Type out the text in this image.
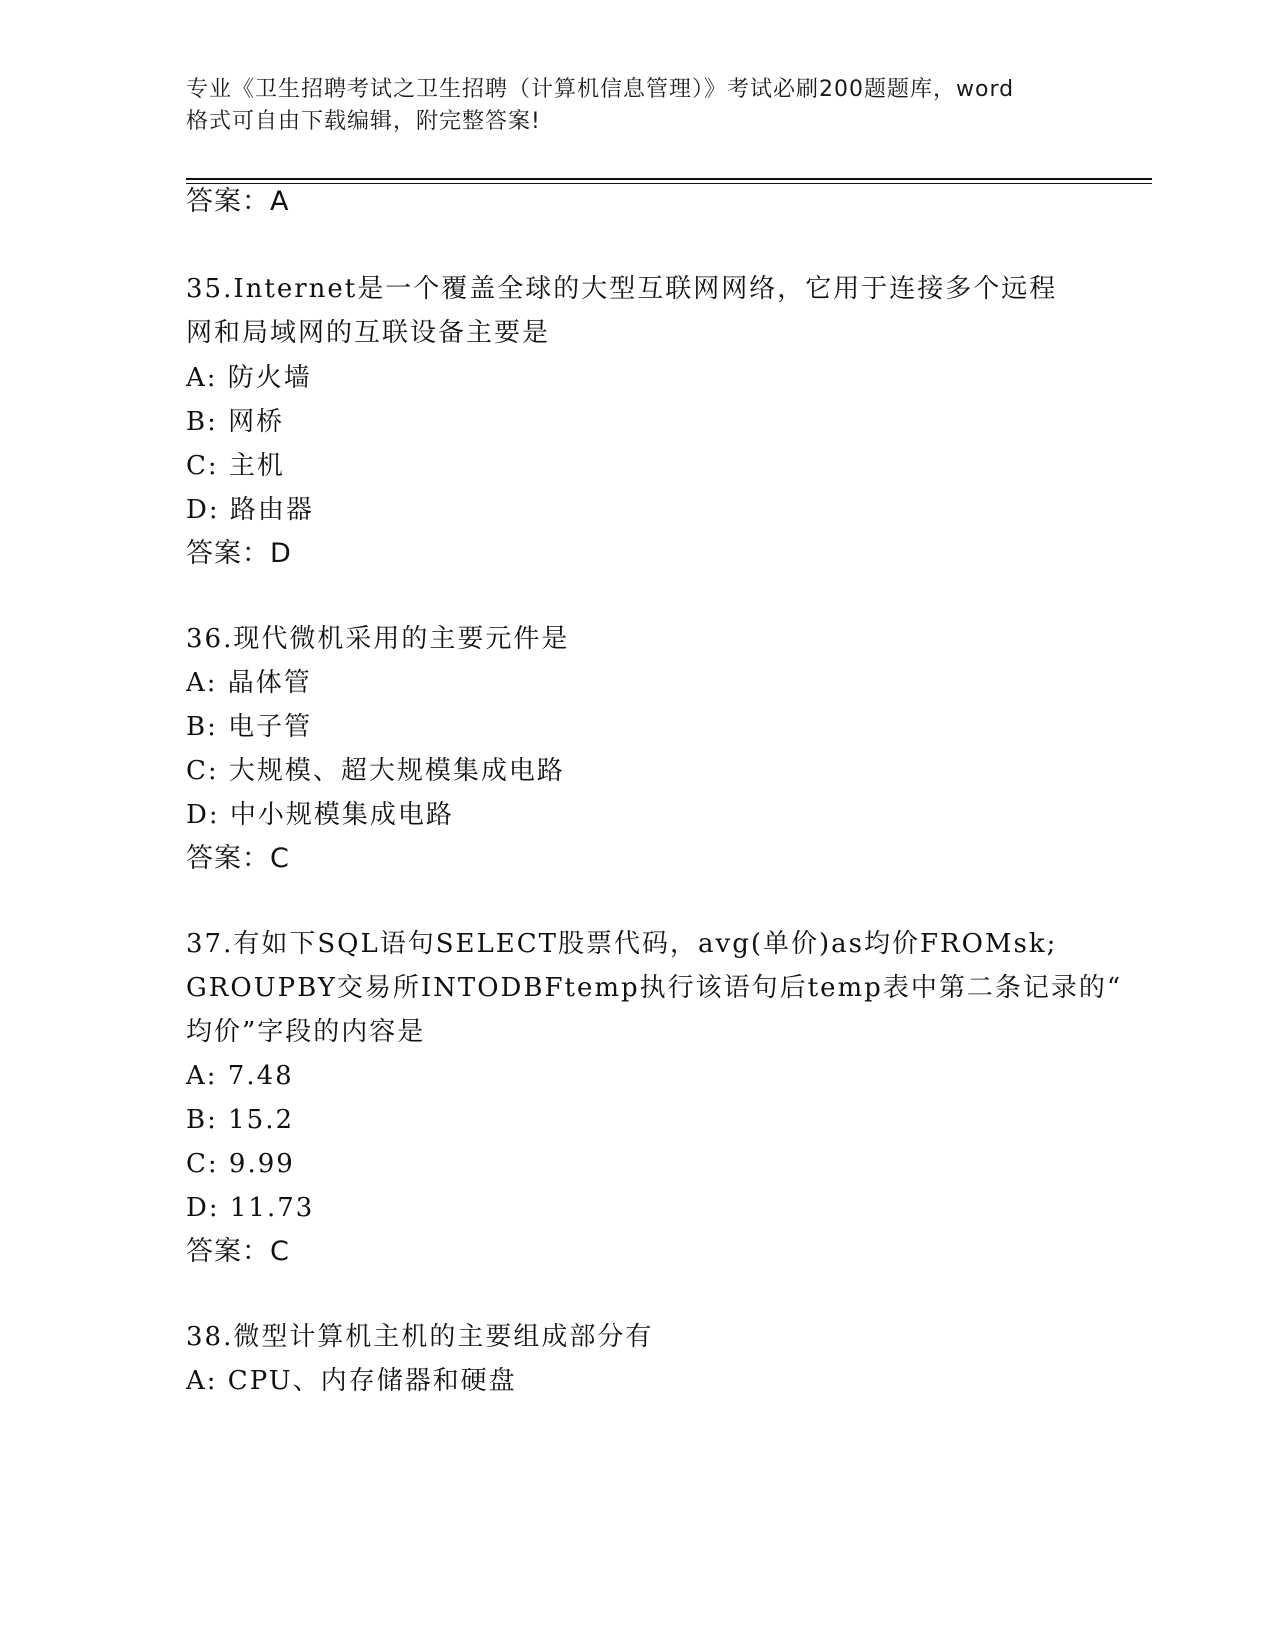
专业《卫生招聘考试之卫生招聘（计算机信息管理）》考试必刷200题题库，word
格式可自由下载编辑，附完整答案!
答案：A
35.Internet是一个覆盖全球的大型互联网网络，它用于连接多个远程
网和局域网的互联设备主要是
A: 防火墙
B: 网桥
C: 主机
D: 路由器
答案：D
36.现代微机采用的主要元件是
A: 晶体管
B: 电子管
C: 大规模、超大规模集成电路
D: 中小规模集成电路
答案：C
37.有如下SQL语句SELECT股票代码，avg(单价)as均价FROMsk;
GROUPBY交易所INTODBFtemp执行该语句后temp表中第二条记录的“
均价”字段的内容是
A: 7.48
B: 15.2
C: 9.99
D: 11.73
答案：C
38.微型计算机主机的主要组成部分有
A: CPU、内存储器和硬盘
